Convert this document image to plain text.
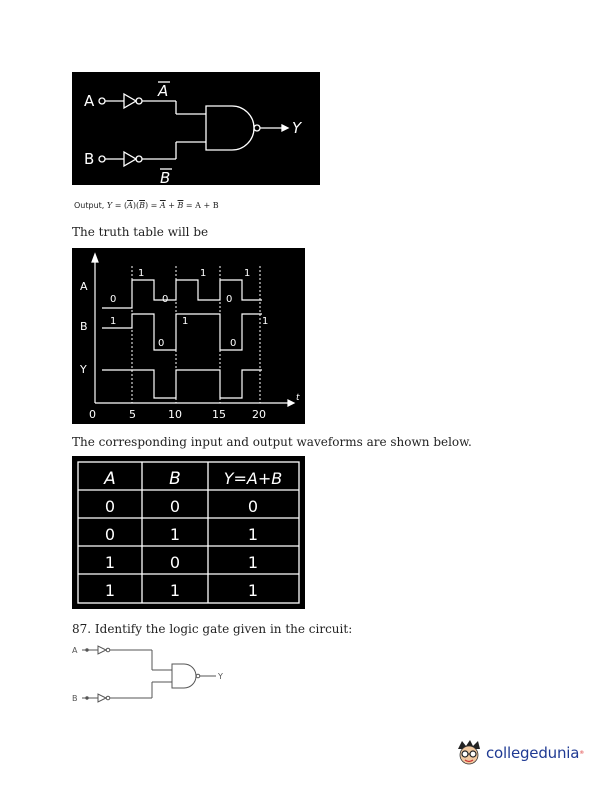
A
B
A
B
Y
Output, $Y = (\overline{A})(\overline{B}) = \overline{A} + \overline{B} = A + B$
The truth table will be
A
B
Y
0
1
0
1
0
1
1
0
1
0
1
0	5	10	15 20
t
The corresponding input and output waveforms are shown below.
A	B	Y=A+B
0	0	0
0	1	1
1	0	1
1	1	1
87. Identify the logic gate given in the circuit:
A
B
Y
collegedunia ®
